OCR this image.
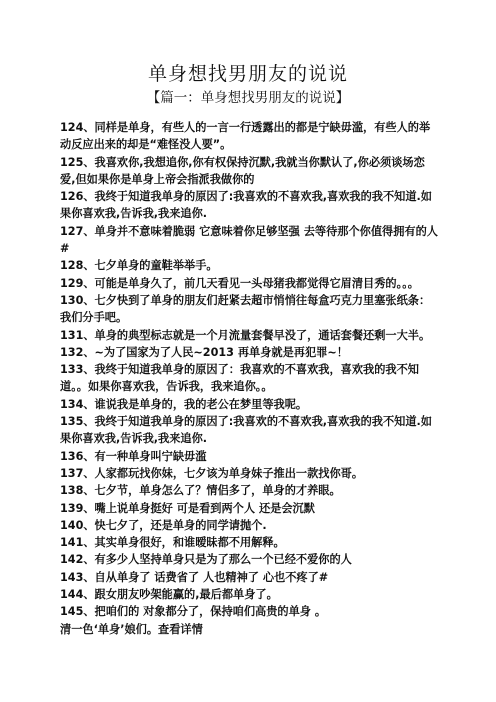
单身想找男朋友的说说
【篇一：单身想找男朋友的说说】

124、同样是单身，有些人的一言一行透露出的都是宁缺毋滥，有些人的举动反应出来的却是“难怪没人要”。

125、我喜欢你,我想追你,你有权保持沉默,我就当你默认了,你必须谈场恋爱,但如果你是单身上帝会指派我做你的

126、我终于知道我单身的原因了:我喜欢的不喜欢我,喜欢我的我不知道.如果你喜欢我,告诉我,我来追你.

127、单身并不意味着脆弱 它意味着你足够坚强 去等待那个你值得拥有的人#

128、七夕单身的童鞋举举手。

129、可能是单身久了，前几天看见一头母猪我都觉得它眉清目秀的。。。

130、七夕快到了单身的朋友们赶紧去超市悄悄往每盒巧克力里塞张纸条：我们分手吧。

131、单身的典型标志就是一个月流量套餐早没了，通话套餐还剩一大半。

132、~为了国家为了人民~2013 再单身就是再犯罪~！

133、我终于知道我单身的原因了：我喜欢的不喜欢我，喜欢我的我不知道。。如果你喜欢我，告诉我，我来追你。。

134、谁说我是单身的，我的老公在梦里等我呢。

135、我终于知道我单身的原因了:我喜欢的不喜欢我,喜欢我的我不知道.如果你喜欢我,告诉我,我来追你.

136、有一种单身叫宁缺毋滥

137、人家都玩找你妹，七夕该为单身妹子推出一款找你哥。

138、七夕节，单身怎么了？情侣多了，单身的才养眼。

139、嘴上说单身挺好 可是看到两个人 还是会沉默

140、快七夕了，还是单身的同学请抛个.

141、其实单身很好，和谁暧昧都不用解释。

142、有多少人坚持单身只是为了那么一个已经不爱你的人

143、自从单身了 话费省了 人也精神了 心也不疼了#

144、跟女朋友吵架能赢的,最后都单身了。

145、把咱们的 对象都分了，保持咱们高贵的单身 。

清一色‘单身’娘们。查看详情
